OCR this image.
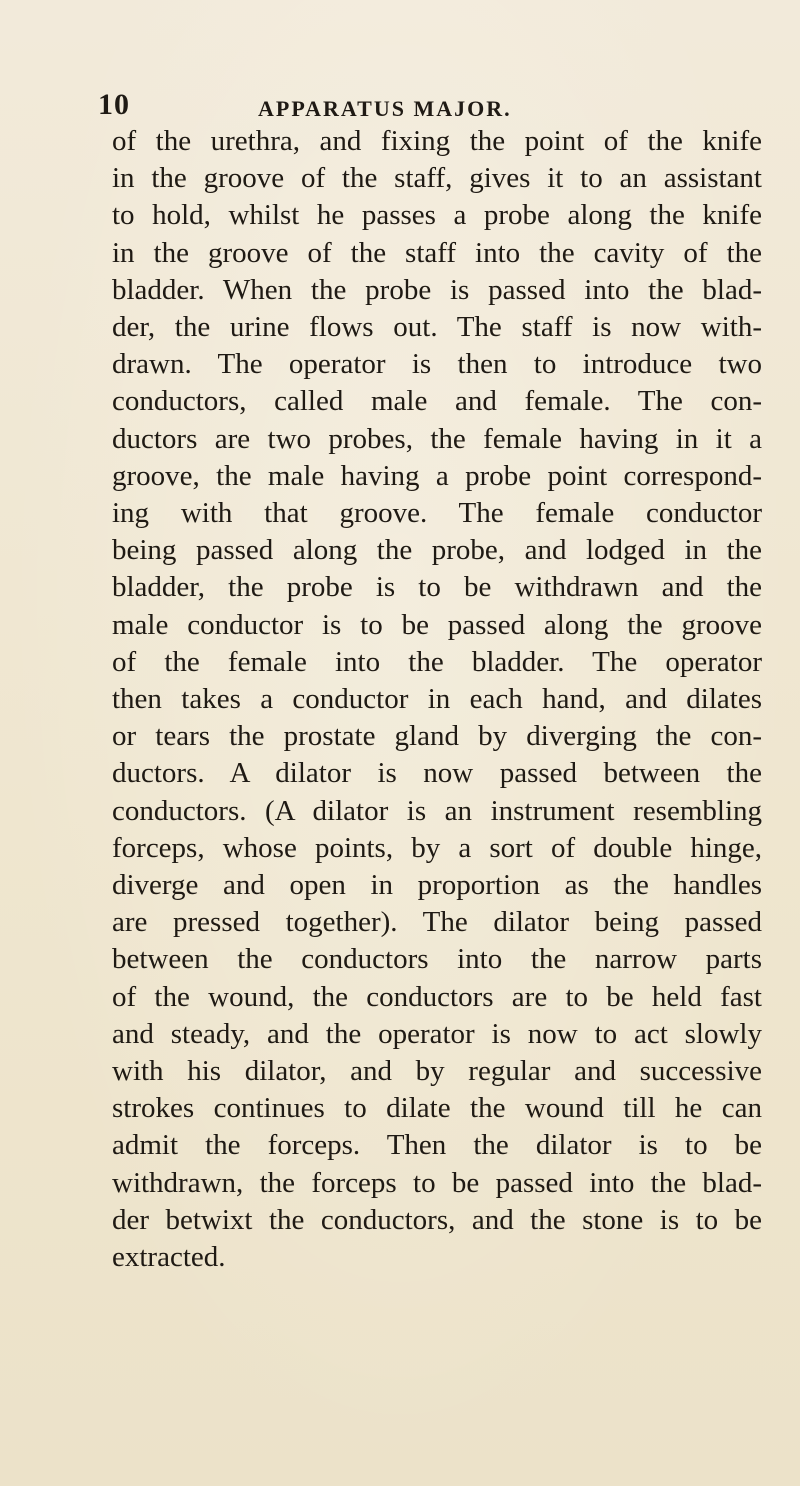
10	APPARATUS MAJOR.
of the urethra, and fixing the point of the knife
in the groove of the staff, gives it to an assistant
to hold, whilst he passes a probe along the knife
in the groove of the staff into the cavity of the
bladder. When the probe is passed into the blad-
der, the urine flows out. The staff is now with-
drawn. The operator is then to introduce two
conductors, called male and female. The con-
ductors are two probes, the female having in it a
groove, the male having a probe point correspond-
ing with that groove. The female conductor
being passed along the probe, and lodged in the
bladder, the probe is to be withdrawn and the
male conductor is to be passed along the groove
of the female into the bladder. The operator
then takes a conductor in each hand, and dilates
or tears the prostate gland by diverging the con-
ductors. A dilator is now passed between the
conductors. (A dilator is an instrument resembling
forceps, whose points, by a sort of double hinge,
diverge and open in proportion as the handles
are pressed together). The dilator being passed
between the conductors into the narrow parts
of the wound, the conductors are to be held fast
and steady, and the operator is now to act slowly
with his dilator, and by regular and successive
strokes continues to dilate the wound till he can
admit the forceps. Then the dilator is to be
withdrawn, the forceps to be passed into the blad-
der betwixt the conductors, and the stone is to be
extracted.
